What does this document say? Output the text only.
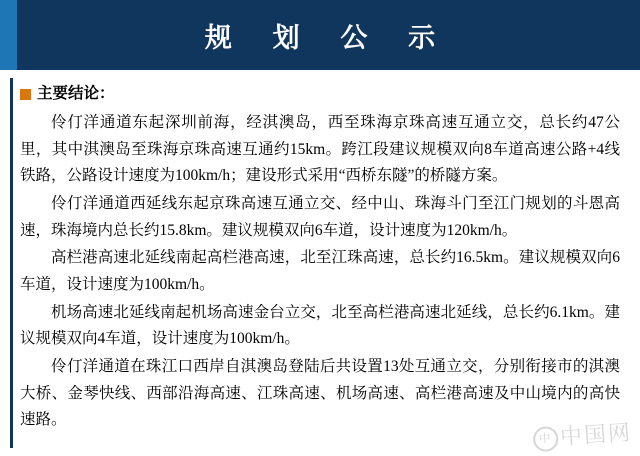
规 划 公 示
主要结论：

伶仃洋通道东起深圳前海，经淇澳岛，西至珠海京珠高速互通立交，总长约47公里，其中淇澳岛至珠海京珠高速互通约15km。跨江段建议规模双向8车道高速公路+4线铁路，公路设计速度为100km/h；建设形式采用“西桥东隧”的桥隧方案。

伶仃洋通道西延线东起京珠高速互通立交、经中山、珠海斗门至江门规划的斗恩高速，珠海境内总长约15.8km。建议规模双向6车道，设计速度为120km/h。

高栏港高速北延线南起高栏港高速，北至江珠高速，总长约16.5km。建议规模双向6车道，设计速度为100km/h。

机场高速北延线南起机场高速金台立交，北至高栏港高速北延线，总长约6.1km。建议规模双向4车道，设计速度为100km/h。

伶仃洋通道在珠江口西岸自淇澳岛登陆后共设置13处互通立交，分别衔接市的淇澳大桥、金琴快线、西部沿海高速、江珠高速、机场高速、高栏港高速及中山境内的高快速路。

中 中国网
